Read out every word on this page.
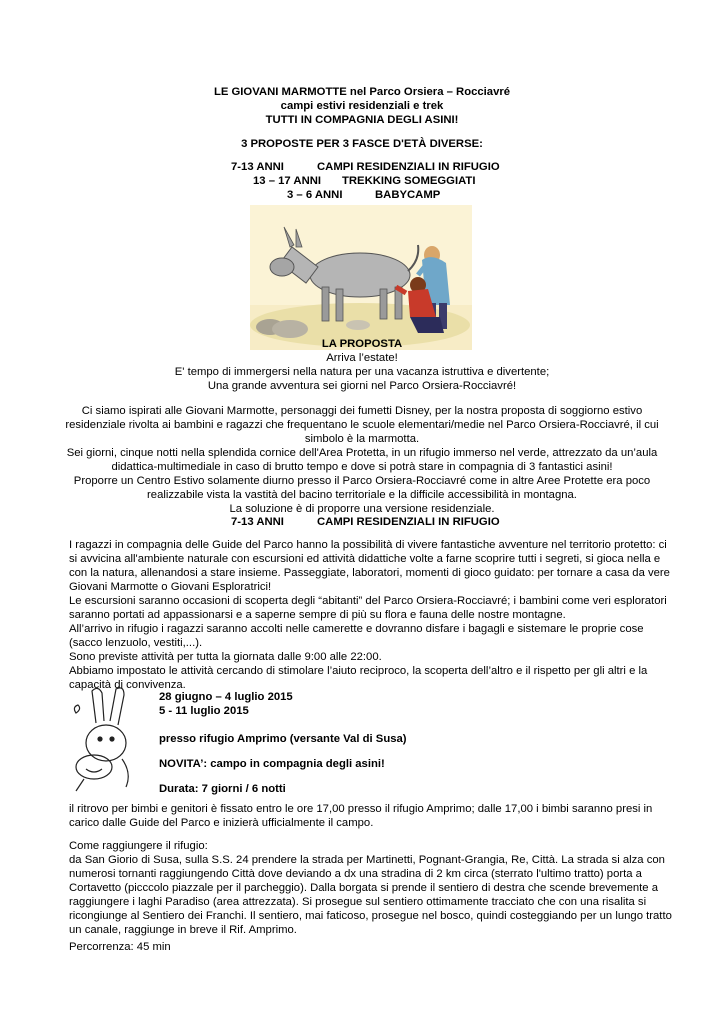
LE GIOVANI MARMOTTE nel Parco Orsiera – Rocciavré
campi estivi residenziali e trek
TUTTI IN COMPAGNIA DEGLI ASINI!
3 PROPOSTE PER 3 FASCE D'ETÀ DIVERSE:
7-13 ANNI	CAMPI RESIDENZIALI IN RIFUGIO
13 – 17 ANNI TREKKING SOMEGGIATI
3 – 6 ANNI	BABYCAMP
LA PROPOSTA
Arriva l’estate!
E' tempo di immergersi nella natura per una vacanza istruttiva e divertente;
Una grande avventura sei giorni nel Parco Orsiera-Rocciavré!
Ci siamo ispirati alle Giovani Marmotte, personaggi dei fumetti Disney, per la nostra proposta di soggiorno estivo
residenziale rivolta ai bambini e ragazzi che frequentano le scuole elementari/medie nel Parco Orsiera-Rocciavré, il cui
simbolo è la marmotta.
Sei giorni, cinque notti nella splendida cornice dell'Area Protetta, in un rifugio immerso nel verde, attrezzato da un’aula
didattica-multimediale in caso di brutto tempo e dove si potrà stare in compagnia di 3 fantastici asini!
Proporre un Centro Estivo solamente diurno presso il Parco Orsiera-Rocciavré come in altre Aree Protette era poco
realizzabile vista la vastità del bacino territoriale e la difficile accessibilità in montagna.
La soluzione è di proporre una versione residenziale.
7-13 ANNI	CAMPI RESIDENZIALI IN RIFUGIO
I ragazzi in compagnia delle Guide del Parco hanno la possibilità di vivere fantastiche avventure nel territorio protetto: ci
si avvicina all'ambiente naturale con escursioni ed attività didattiche volte a farne scoprire tutti i segreti, si gioca nella e
con la natura, allenandosi a stare insieme. Passeggiate, laboratori, momenti di gioco guidato: per tornare a casa da vere
Giovani Marmotte o Giovani Esploratrici!
Le escursioni saranno occasioni di scoperta degli “abitanti” del Parco Orsiera-Rocciavré; i bambini come veri esploratori
saranno portati ad appassionarsi e a saperne sempre di più su flora e fauna delle nostre montagne.
All’arrivo in rifugio i ragazzi saranno accolti nelle camerette e dovranno disfare i bagagli e sistemare le proprie cose
(sacco lenzuolo, vestiti,...).
Sono previste attività per tutta la giornata dalle 9:00 alle 22:00.
Abbiamo impostato le attività cercando di stimolare l’aiuto reciproco, la scoperta dell’altro e il rispetto per gli altri e la
capacità di convivenza.
28 giugno – 4 luglio 2015
5 - 11 luglio 2015
presso rifugio Amprimo (versante Val di Susa)
NOVITA’: campo in compagnia degli asini!
Durata: 7 giorni / 6 notti
il ritrovo per bimbi e genitori è fissato entro le ore 17,00 presso il rifugio Amprimo; dalle 17,00 i bimbi saranno presi in
carico dalle Guide del Parco e inizierà ufficialmente il campo.
Come raggiungere il rifugio:
da San Giorio di Susa, sulla S.S. 24 prendere la strada per Martinetti, Pognant-Grangia, Re, Città. La strada si alza con
numerosi tornanti raggiungendo Città dove deviando a dx una stradina di 2 km circa (sterrato l'ultimo tratto) porta a
Cortavetto (picccolo piazzale per il parcheggio). Dalla borgata si prende il sentiero di destra che scende brevemente a
raggiungere i laghi Paradiso (area attrezzata). Si prosegue sul sentiero ottimamente tracciato che con una risalita si
ricongiunge al Sentiero dei Franchi. Il sentiero, mai faticoso, prosegue nel bosco, quindi costeggiando per un lungo tratto
un canale, raggiunge in breve il Rif. Amprimo.
Percorrenza: 45 min
